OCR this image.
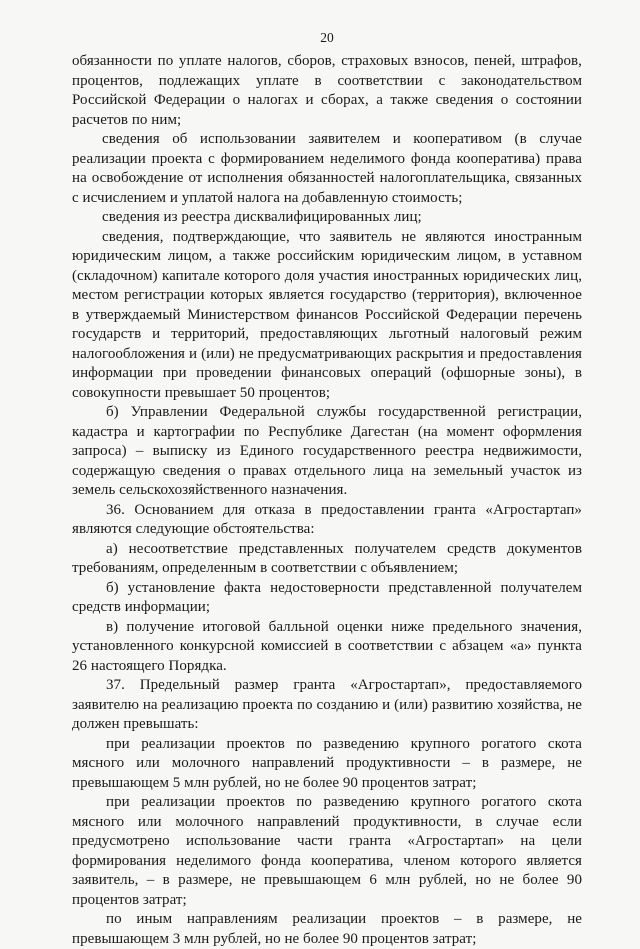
20

обязанности по уплате налогов, сборов, страховых взносов, пеней, штрафов, процентов, подлежащих уплате в соответствии с законодательством Российской Федерации о налогах и сборах, а также сведения о состоянии расчетов по ним;

сведения об использовании заявителем и кооперативом (в случае реализации проекта с формированием неделимого фонда кооператива) права на освобождение от исполнения обязанностей налогоплательщика, связанных с исчислением и уплатой налога на добавленную стоимость;

сведения из реестра дисквалифицированных лиц;

сведения, подтверждающие, что заявитель не являются иностранным юридическим лицом, а также российским юридическим лицом, в уставном (складочном) капитале которого доля участия иностранных юридических лиц, местом регистрации которых является государство (территория), включенное в утверждаемый Министерством финансов Российской Федерации перечень государств и территорий, предоставляющих льготный налоговый режим налогообложения и (или) не предусматривающих раскрытия и предоставления информации при проведении финансовых операций (офшорные зоны), в совокупности превышает 50 процентов;

б) Управлении Федеральной службы государственной регистрации, кадастра и картографии по Республике Дагестан (на момент оформления запроса) – выписку из Единого государственного реестра недвижимости, содержащую сведения о правах отдельного лица на земельный участок из земель сельскохозяйственного назначения.

36. Основанием для отказа в предоставлении гранта «Агростартап» являются следующие обстоятельства:

а) несоответствие представленных получателем средств документов требованиям, определенным в соответствии с объявлением;

б) установление факта недостоверности представленной получателем средств информации;

в) получение итоговой балльной оценки ниже предельного значения, установленного конкурсной комиссией в соответствии с абзацем «а» пункта 26 настоящего Порядка.

37. Предельный размер гранта «Агростартап», предоставляемого заявителю на реализацию проекта по созданию и (или) развитию хозяйства, не должен превышать:

при реализации проектов по разведению крупного рогатого скота мясного или молочного направлений продуктивности – в размере, не превышающем 5 млн рублей, но не более 90 процентов затрат;

при реализации проектов по разведению крупного рогатого скота мясного или молочного направлений продуктивности, в случае если предусмотрено использование части гранта «Агростартап» на цели формирования неделимого фонда кооператива, членом которого является заявитель, – в размере, не превышающем 6 млн рублей, но не более 90 процентов затрат;

по иным направлениям реализации проектов – в размере, не превышающем 3 млн рублей, но не более 90 процентов затрат;
